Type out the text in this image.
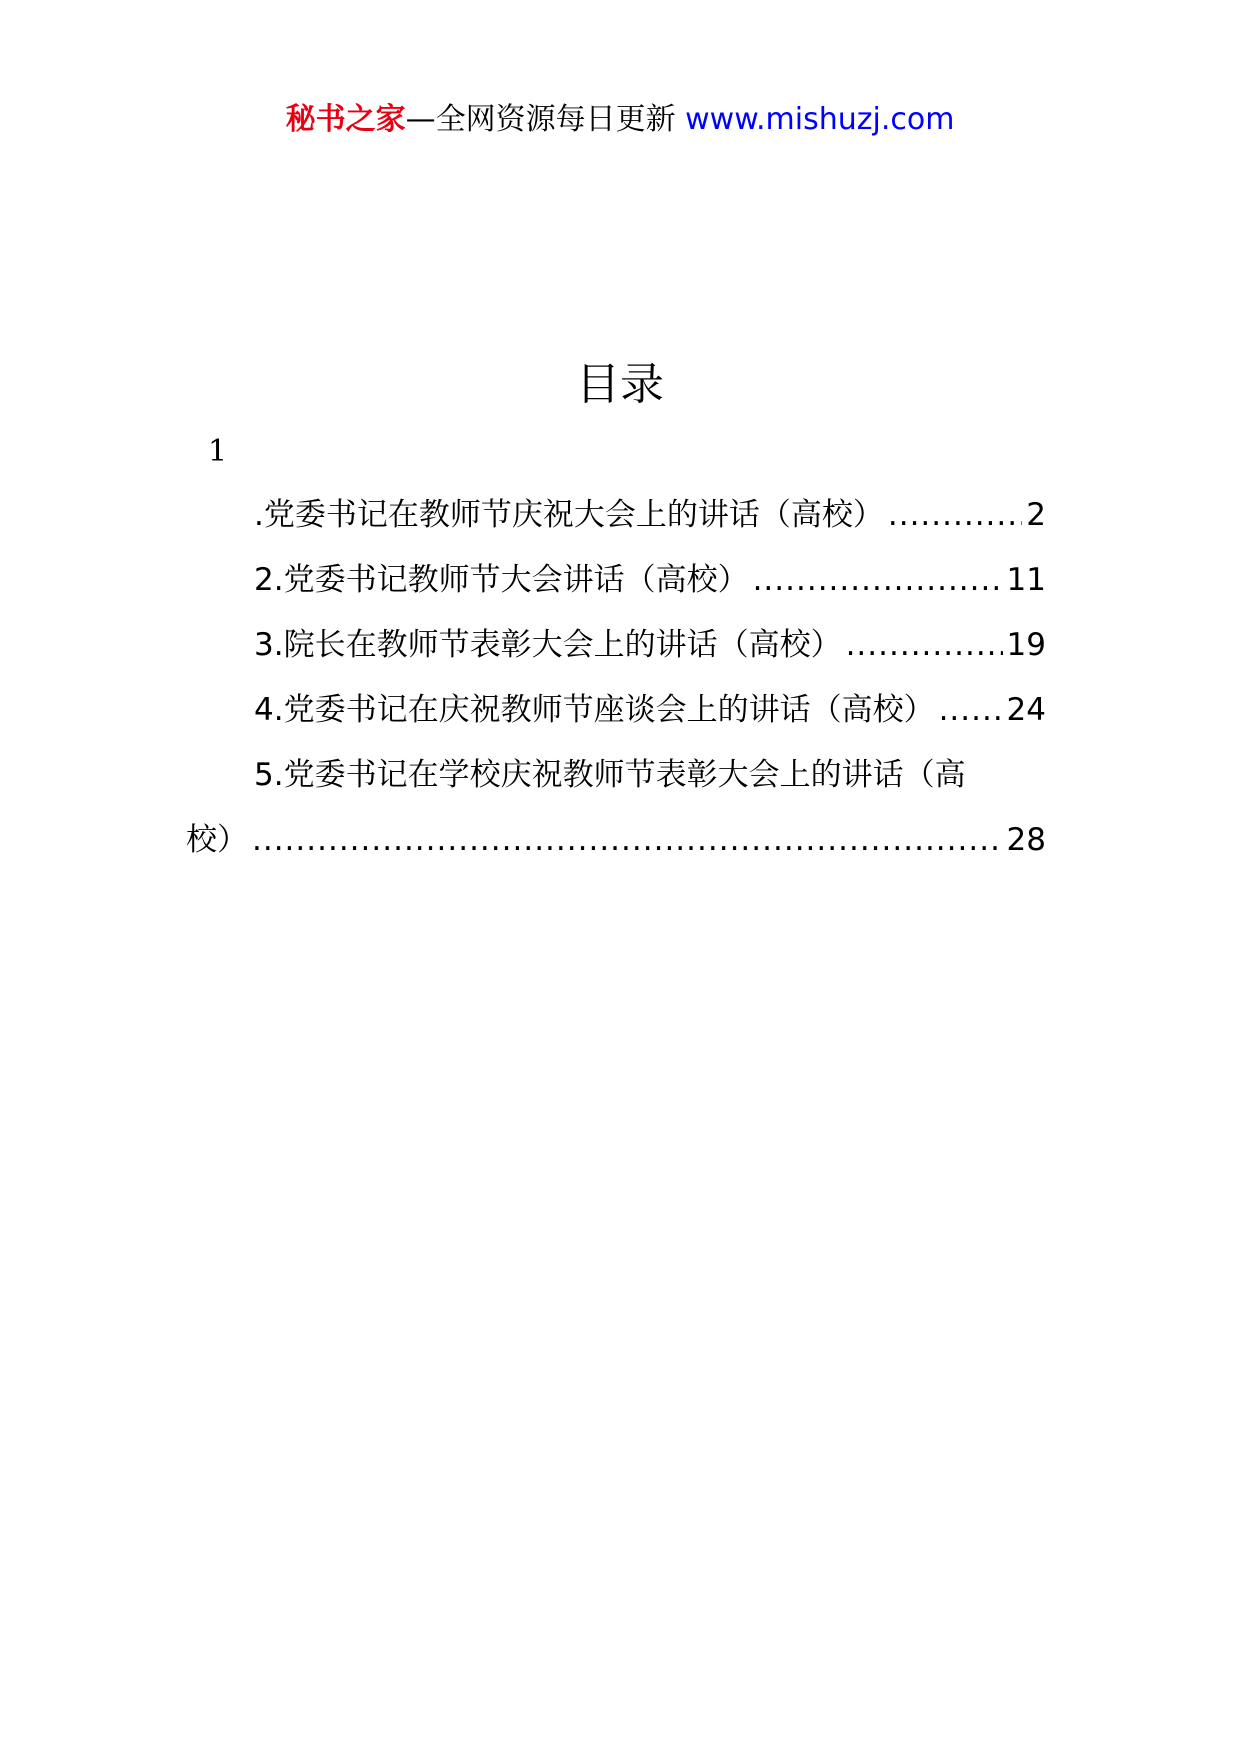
秘书之家—全网资源每日更新 www.mishuzj.com
目录
1
.党委书记在教师节庆祝大会上的讲话（高校） .....	2
2.党委书记教师节大会讲话（高校） .....	11
3.院长在教师节表彰大会上的讲话（高校） .....	19
4.党委书记在庆祝教师节座谈会上的讲话（高校） ..... 24
5.党委书记在学校庆祝教师节表彰大会上的讲话（高
校） .....	28
